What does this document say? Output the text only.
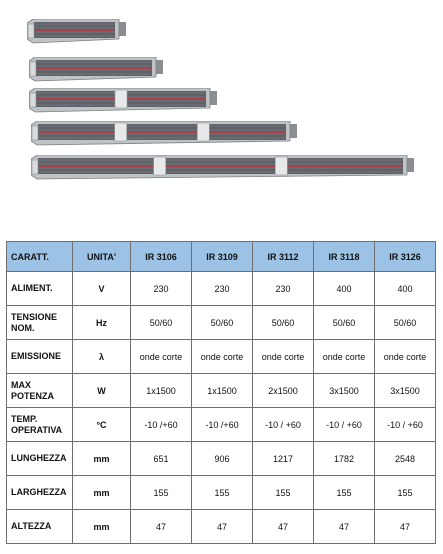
CARATT.	UNITA'	IR 3106	IR 3109	IR 3112	IR 3118	IR 3126

ALIMENT.	V	230	230	230	400	400

TENSIONE
NOM.	Hz	50/60	50/60	50/60	50/60	50/60

EMISSIONE	λ	onde corte	onde corte	onde corte	onde corte	onde corte

MAX
POTENZA	W	1x1500	1x1500	2x1500	3x1500	3x1500

TEMP.
OPERATIVA	°C	-10 /+60	-10 /+60	-10 / +60	-10 / +60	-10 / +60

LUNGHEZZA	mm	651	906	1217	1782	2548

LARGHEZZA	mm	155	155	155	155	155

ALTEZZA	mm	47	47	47	47	47
